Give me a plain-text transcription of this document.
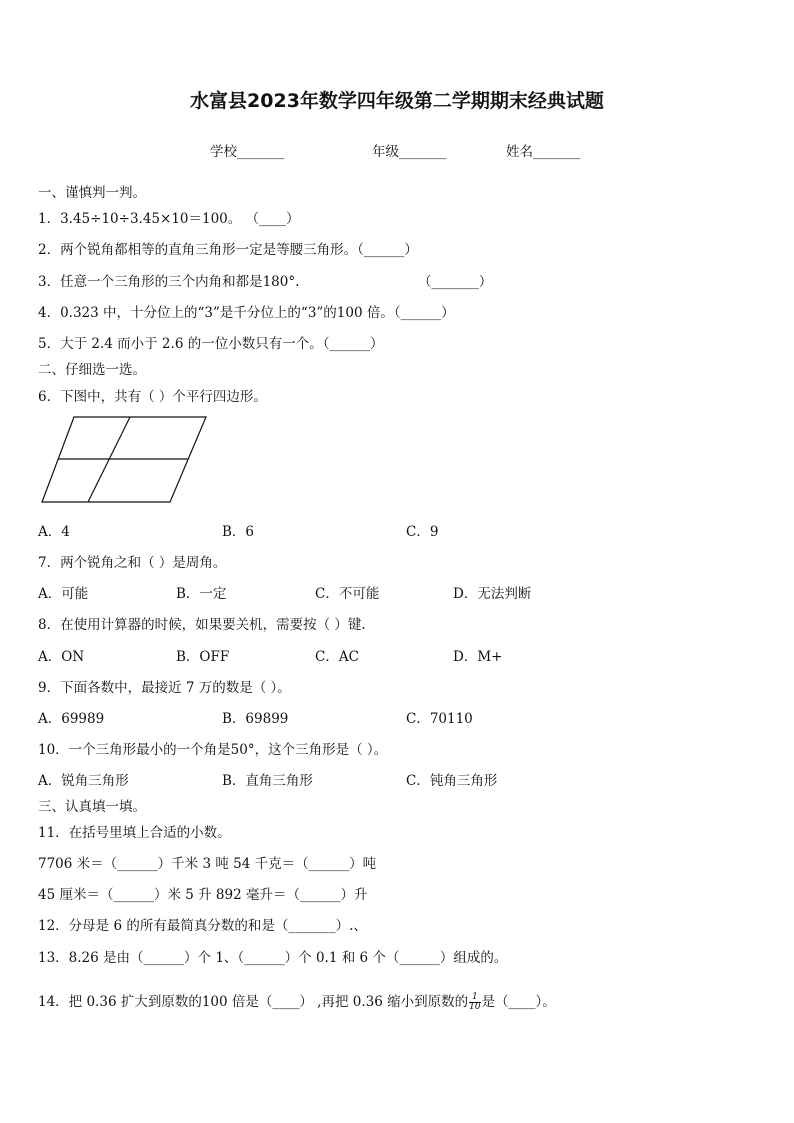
水富县2023年数学四年级第二学期期末经典试题
学校_______	年级_______	姓名_______
一、谨慎判一判。
1．3.45÷10÷3.45×10＝100。 （____）
2．两个锐角都相等的直角三角形一定是等腰三角形。（______）
3．任意一个三角形的三个内角和都是180°.	（_______）
4．0.323 中，十分位上的“3”是千分位上的“3”的100 倍。（______）
5．大于 2.4 而小于 2.6 的一位小数只有一个。（______）
二、仔细选一选。
6．下图中，共有（ ）个平行四边形。
A．4	B．6	C．9
7．两个锐角之和（ ）是周角。
A．可能	B．一定	C．不可能	D．无法判断
8．在使用计算器的时候，如果要关机，需要按（ ）键.
A．ON	B．OFF	C．AC	D．M+
9．下面各数中，最接近 7 万的数是（ ）。
A．69989	B．69899	C．70110
10．一个三角形最小的一个角是50°，这个三角形是（ ）。
A．锐角三角形	B．直角三角形	C．钝角三角形
三、认真填一填。
11．在括号里填上合适的小数。
7706 米＝（______）千米 3 吨 54 千克＝（______）吨
45 厘米＝（______）米 5 升 892 毫升＝（______）升
12．分母是 6 的所有最简真分数的和是（_______）.、
13．8.26 是由（______）个 1、（______）个 0.1 和 6 个（______）组成的。
14．把 0.36 扩大到原数的100 倍是（____） ,再把 0.36 缩小到原数的 $\frac{1}{10}$ 是（____）。
